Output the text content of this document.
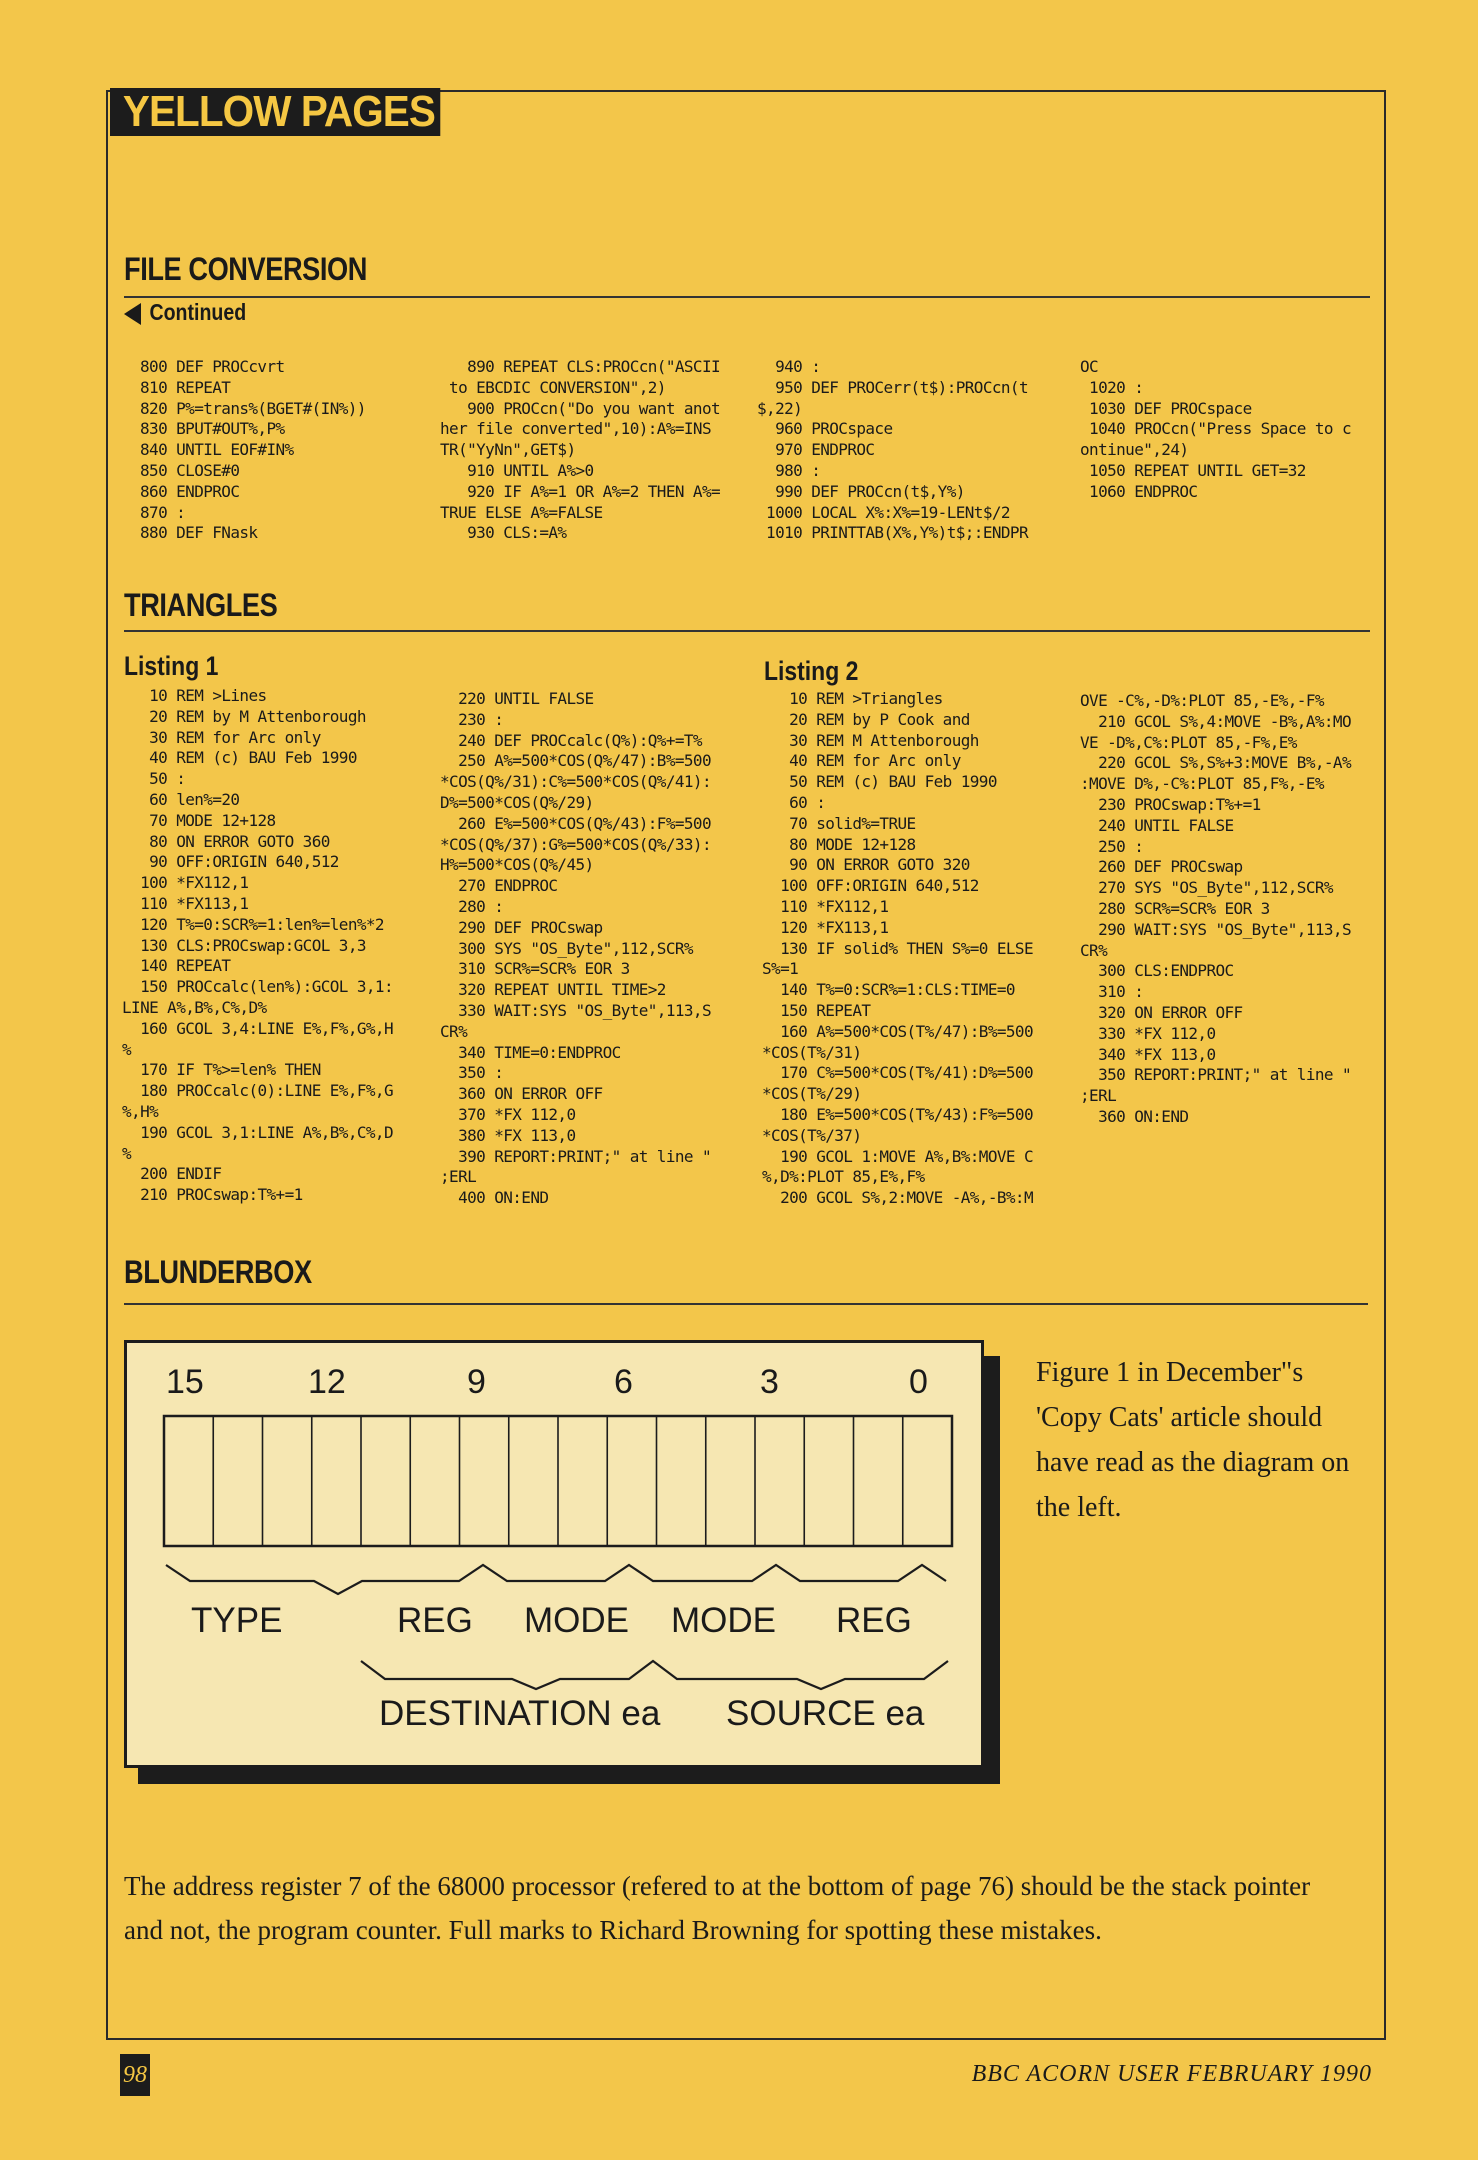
YELLOW PAGES
FILE CONVERSION
Continued
800 DEF PROCcvrt
810 REPEAT
820 P%=trans%(BGET#(IN%))
830 BPUT#OUT%,P%
840 UNTIL EOF#IN%
850 CLOSE#0
860 ENDPROC
870 :
880 DEF FNask
890 REPEAT CLS:PROCcn("ASCII
to EBCDIC CONVERSION",2)
900 PROCcn("Do you want anot
her file converted",10):A%=INS
TR("YyNn",GET$)
910 UNTIL A%>0
920 IF A%=1 OR A%=2 THEN A%=
TRUE ELSE A%=FALSE
930 CLS:=A%
940 :
950 DEF PROCerr(t$):PROCcn(t
$,22)
960 PROCspace
970 ENDPROC
980 :
990 DEF PROCcn(t$,Y%)
1000 LOCAL X%:X%=19-LENt$/2
1010 PRINTTAB(X%,Y%)t$;:ENDPR
OC
1020 :
1030 DEF PROCspace
1040 PROCcn("Press Space to c
ontinue",24)
1050 REPEAT UNTIL GET=32
1060 ENDPROC
TRIANGLES
Listing 1	Listing 2
10 REM >Lines
20 REM by M Attenborough
30 REM for Arc only
40 REM (c) BAU Feb 1990
50 :
60 len%=20
70 MODE 12+128
80 ON ERROR GOTO 360
90 OFF:ORIGIN 640,512
100 *FX112,1
110 *FX113,1
120 T%=0:SCR%=1:len%=len%*2
130 CLS:PROCswap:GCOL 3,3
140 REPEAT
150 PROCcalc(len%):GCOL 3,1:
LINE A%,B%,C%,D%
160 GCOL 3,4:LINE E%,F%,G%,H
%
170 IF T%>=len% THEN
180 PROCcalc(0):LINE E%,F%,G
%,H%
190 GCOL 3,1:LINE A%,B%,C%,D
%
200 ENDIF
210 PROCswap:T%+=1
220 UNTIL FALSE
230 :
240 DEF PROCcalc(Q%):Q%+=T%
250 A%=500*COS(Q%/47):B%=500
*COS(Q%/31):C%=500*COS(Q%/41):
D%=500*COS(Q%/29)
260 E%=500*COS(Q%/43):F%=500
*COS(Q%/37):G%=500*COS(Q%/33):
H%=500*COS(Q%/45)
270 ENDPROC
280 :
290 DEF PROCswap
300 SYS "OS_Byte",112,SCR%
310 SCR%=SCR% EOR 3
320 REPEAT UNTIL TIME>2
330 WAIT:SYS "OS_Byte",113,S
CR%
340 TIME=0:ENDPROC
350 :
360 ON ERROR OFF
370 *FX 112,0
380 *FX 113,0
390 REPORT:PRINT;" at line "
;ERL
400 ON:END
10 REM >Triangles
20 REM by P Cook and
30 REM M Attenborough
40 REM for Arc only
50 REM (c) BAU Feb 1990
60 :
70 solid%=TRUE
80 MODE 12+128
90 ON ERROR GOTO 320
100 OFF:ORIGIN 640,512
110 *FX112,1
120 *FX113,1
130 IF solid% THEN S%=0 ELSE
S%=1
140 T%=0:SCR%=1:CLS:TIME=0
150 REPEAT
160 A%=500*COS(T%/47):B%=500
*COS(T%/31)
170 C%=500*COS(T%/41):D%=500
*COS(T%/29)
180 E%=500*COS(T%/43):F%=500
*COS(T%/37)
190 GCOL 1:MOVE A%,B%:MOVE C
%,D%:PLOT 85,E%,F%
200 GCOL S%,2:MOVE -A%,-B%:M
OVE -C%,-D%:PLOT 85,-E%,-F%
210 GCOL S%,4:MOVE -B%,A%:MO
VE -D%,C%:PLOT 85,-F%,E%
220 GCOL S%,S%+3:MOVE B%,-A%
:MOVE D%,-C%:PLOT 85,F%,-E%
230 PROCswap:T%+=1
240 UNTIL FALSE
250 :
260 DEF PROCswap
270 SYS "OS_Byte",112,SCR%
280 SCR%=SCR% EOR 3
290 WAIT:SYS "OS_Byte",113,S
CR%
300 CLS:ENDPROC
310 :
320 ON ERROR OFF
330 *FX 112,0
340 *FX 113,0
350 REPORT:PRINT;" at line "
;ERL
360 ON:END
BLUNDERBOX
15	12	9	6	3	0
TYPE	REG MODE MODE REG
DESTINATION ea SOURCE ea
Figure 1 in December"s 'Copy Cats' article should have read as the diagram on the left.
The address register 7 of the 68000 processor (refered to at the bottom of page 76) should be the stack pointer and not, the program counter. Full marks to Richard Browning for spotting these mistakes.
98	BBC ACORN USER FEBRUARY 1990
